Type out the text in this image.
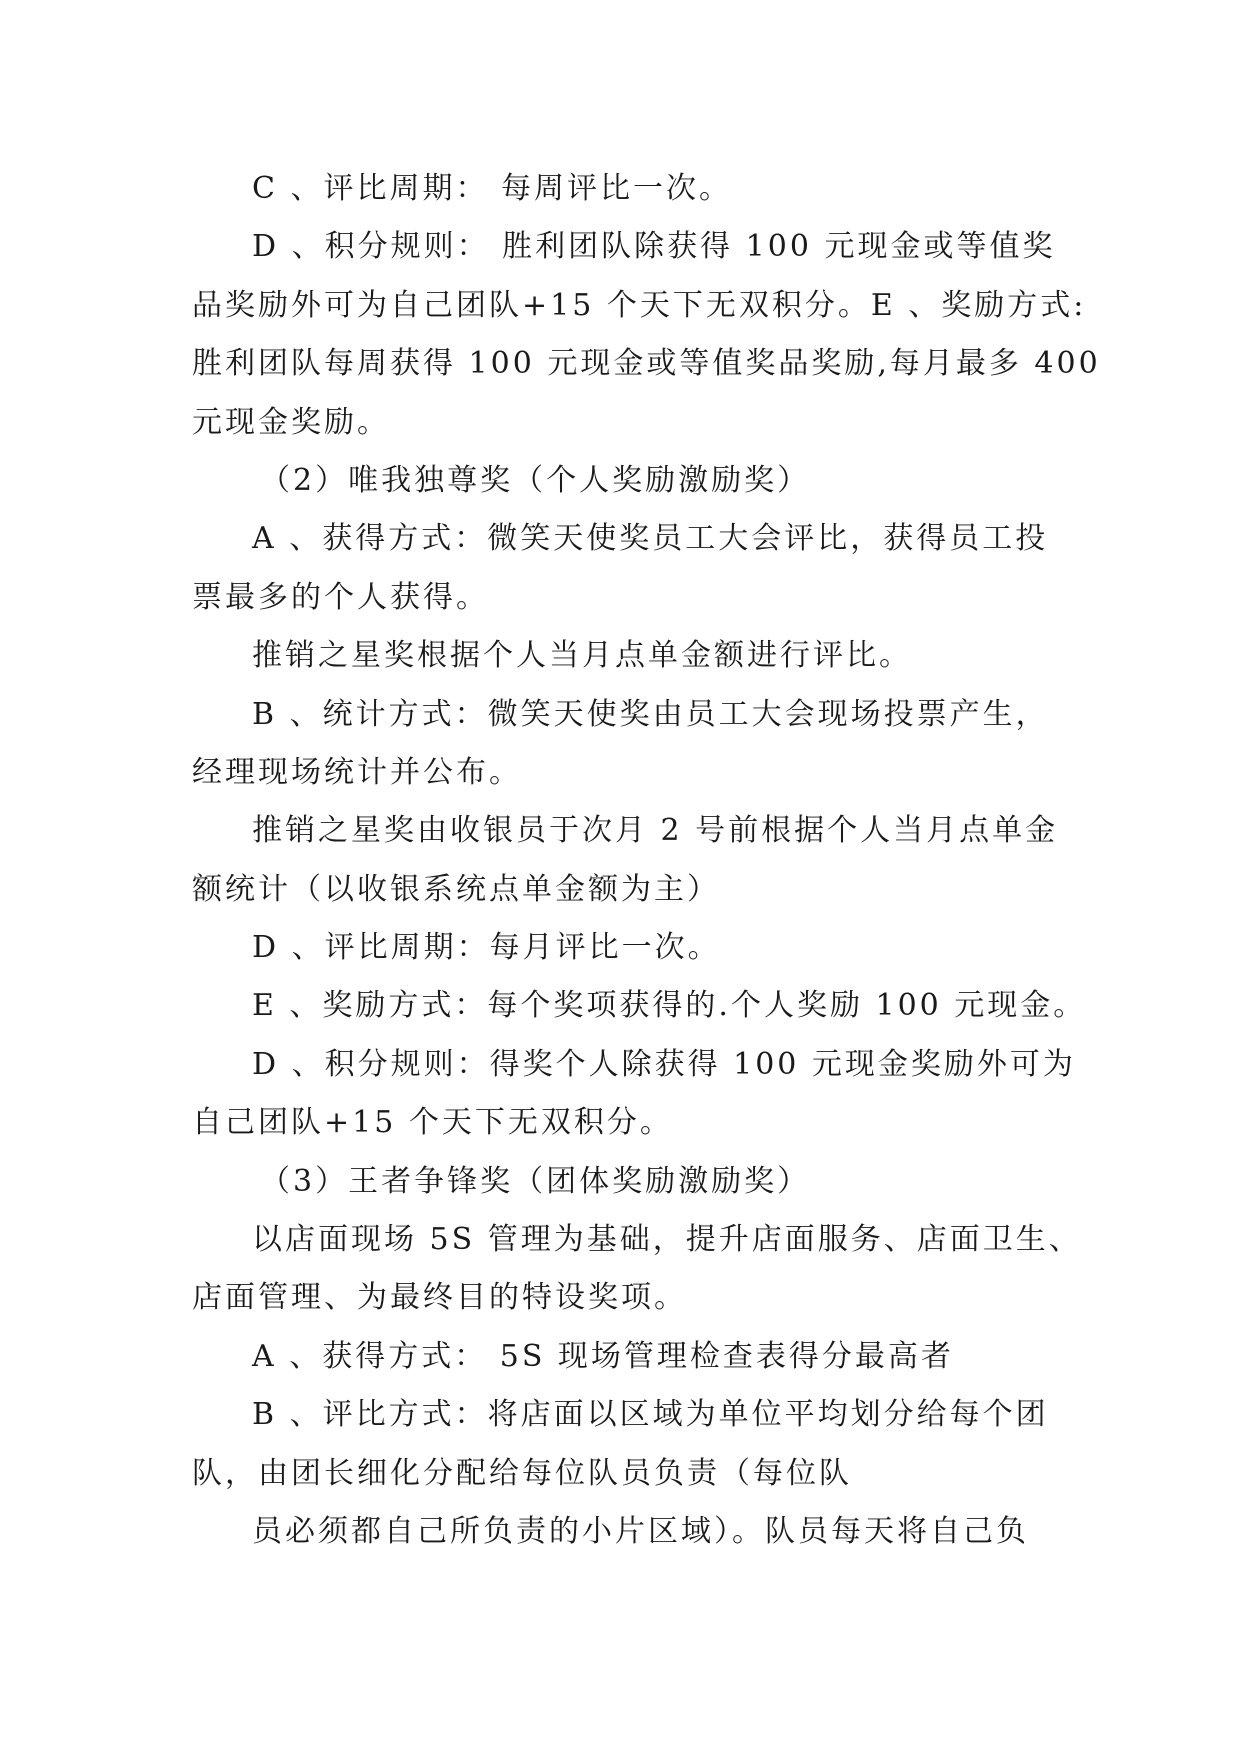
C 、评比周期： 每周评比一次。
D 、积分规则： 胜利团队除获得 100 元现金或等值奖
品奖励外可为自己团队+15 个天下无双积分。E 、奖励方式:
胜利团队每周获得 100 元现金或等值奖品奖励,每月最多 400
元现金奖励。
（2）唯我独尊奖（个人奖励激励奖）
A 、获得方式：微笑天使奖员工大会评比，获得员工投
票最多的个人获得。
推销之星奖根据个人当月点单金额进行评比。
B 、统计方式：微笑天使奖由员工大会现场投票产生，
经理现场统计并公布。
推销之星奖由收银员于次月 2 号前根据个人当月点单金
额统计（以收银系统点单金额为主）
D 、评比周期：每月评比一次。
E 、奖励方式：每个奖项获得的.个人奖励 100 元现金。
D 、积分规则：得奖个人除获得 100 元现金奖励外可为
自己团队+15 个天下无双积分。
（3）王者争锋奖（团体奖励激励奖）
以店面现场 5S 管理为基础，提升店面服务、店面卫生、
店面管理、为最终目的特设奖项。
A 、获得方式： 5S 现场管理检查表得分最高者
B 、评比方式：将店面以区域为单位平均划分给每个团
队，由团长细化分配给每位队员负责（每位队
员必须都自己所负责的小片区域）。队员每天将自己负
